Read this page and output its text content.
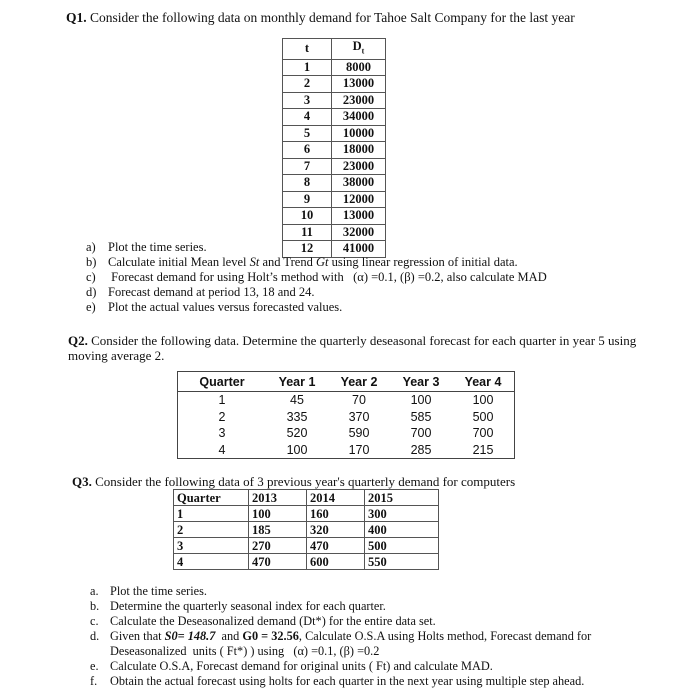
Q1. Consider the following data on monthly demand for Tahoe Salt Company for the last year
t	$D_t$
1	8000
2	13000
3	23000
4	34000
5	10000
6	18000
7	23000
8	38000
9	12000
10	13000
11	32000
12	41000
a) Plot the time series.
b) Calculate initial Mean level St and Trend Gt using linear regression of initial data.
c) Forecast demand for using Holt’s method with   (α) =0.1, (β) =0.2, also calculate MAD
d) Forecast demand at period 13, 18 and 24.
e) Plot the actual values versus forecasted values.
Q2. Consider the following data. Determine the quarterly deseasonal forecast for each quarter in year 5 using moving average 2.
Quarter	Year 1	Year 2	Year 3	Year 4
1	45	70	100	100
2	335	370	585	500
3	520	590	700	700
4	100	170	285	215
Q3. Consider the following data of 3 previous year's quarterly demand for computers
Quarter	2013	2014	2015
1	100	160	300
2	185	320	400
3	270	470	500
4	470	600	550
a. Plot the time series.
b. Determine the quarterly seasonal index for each quarter.
c. Calculate the Deseasonalized demand (Dt*) for the entire data set.
d. Given that S0= 148.7  and G0 = 32.56, Calculate O.S.A using Holts method, Forecast demand for
Deseasonalized  units ( Ft*) ) using   (α) =0.1, (β) =0.2
e. Calculate O.S.A, Forecast demand for original units ( Ft) and calculate MAD.
f.	Obtain the actual forecast using holts for each quarter in the next year using multiple step ahead.
